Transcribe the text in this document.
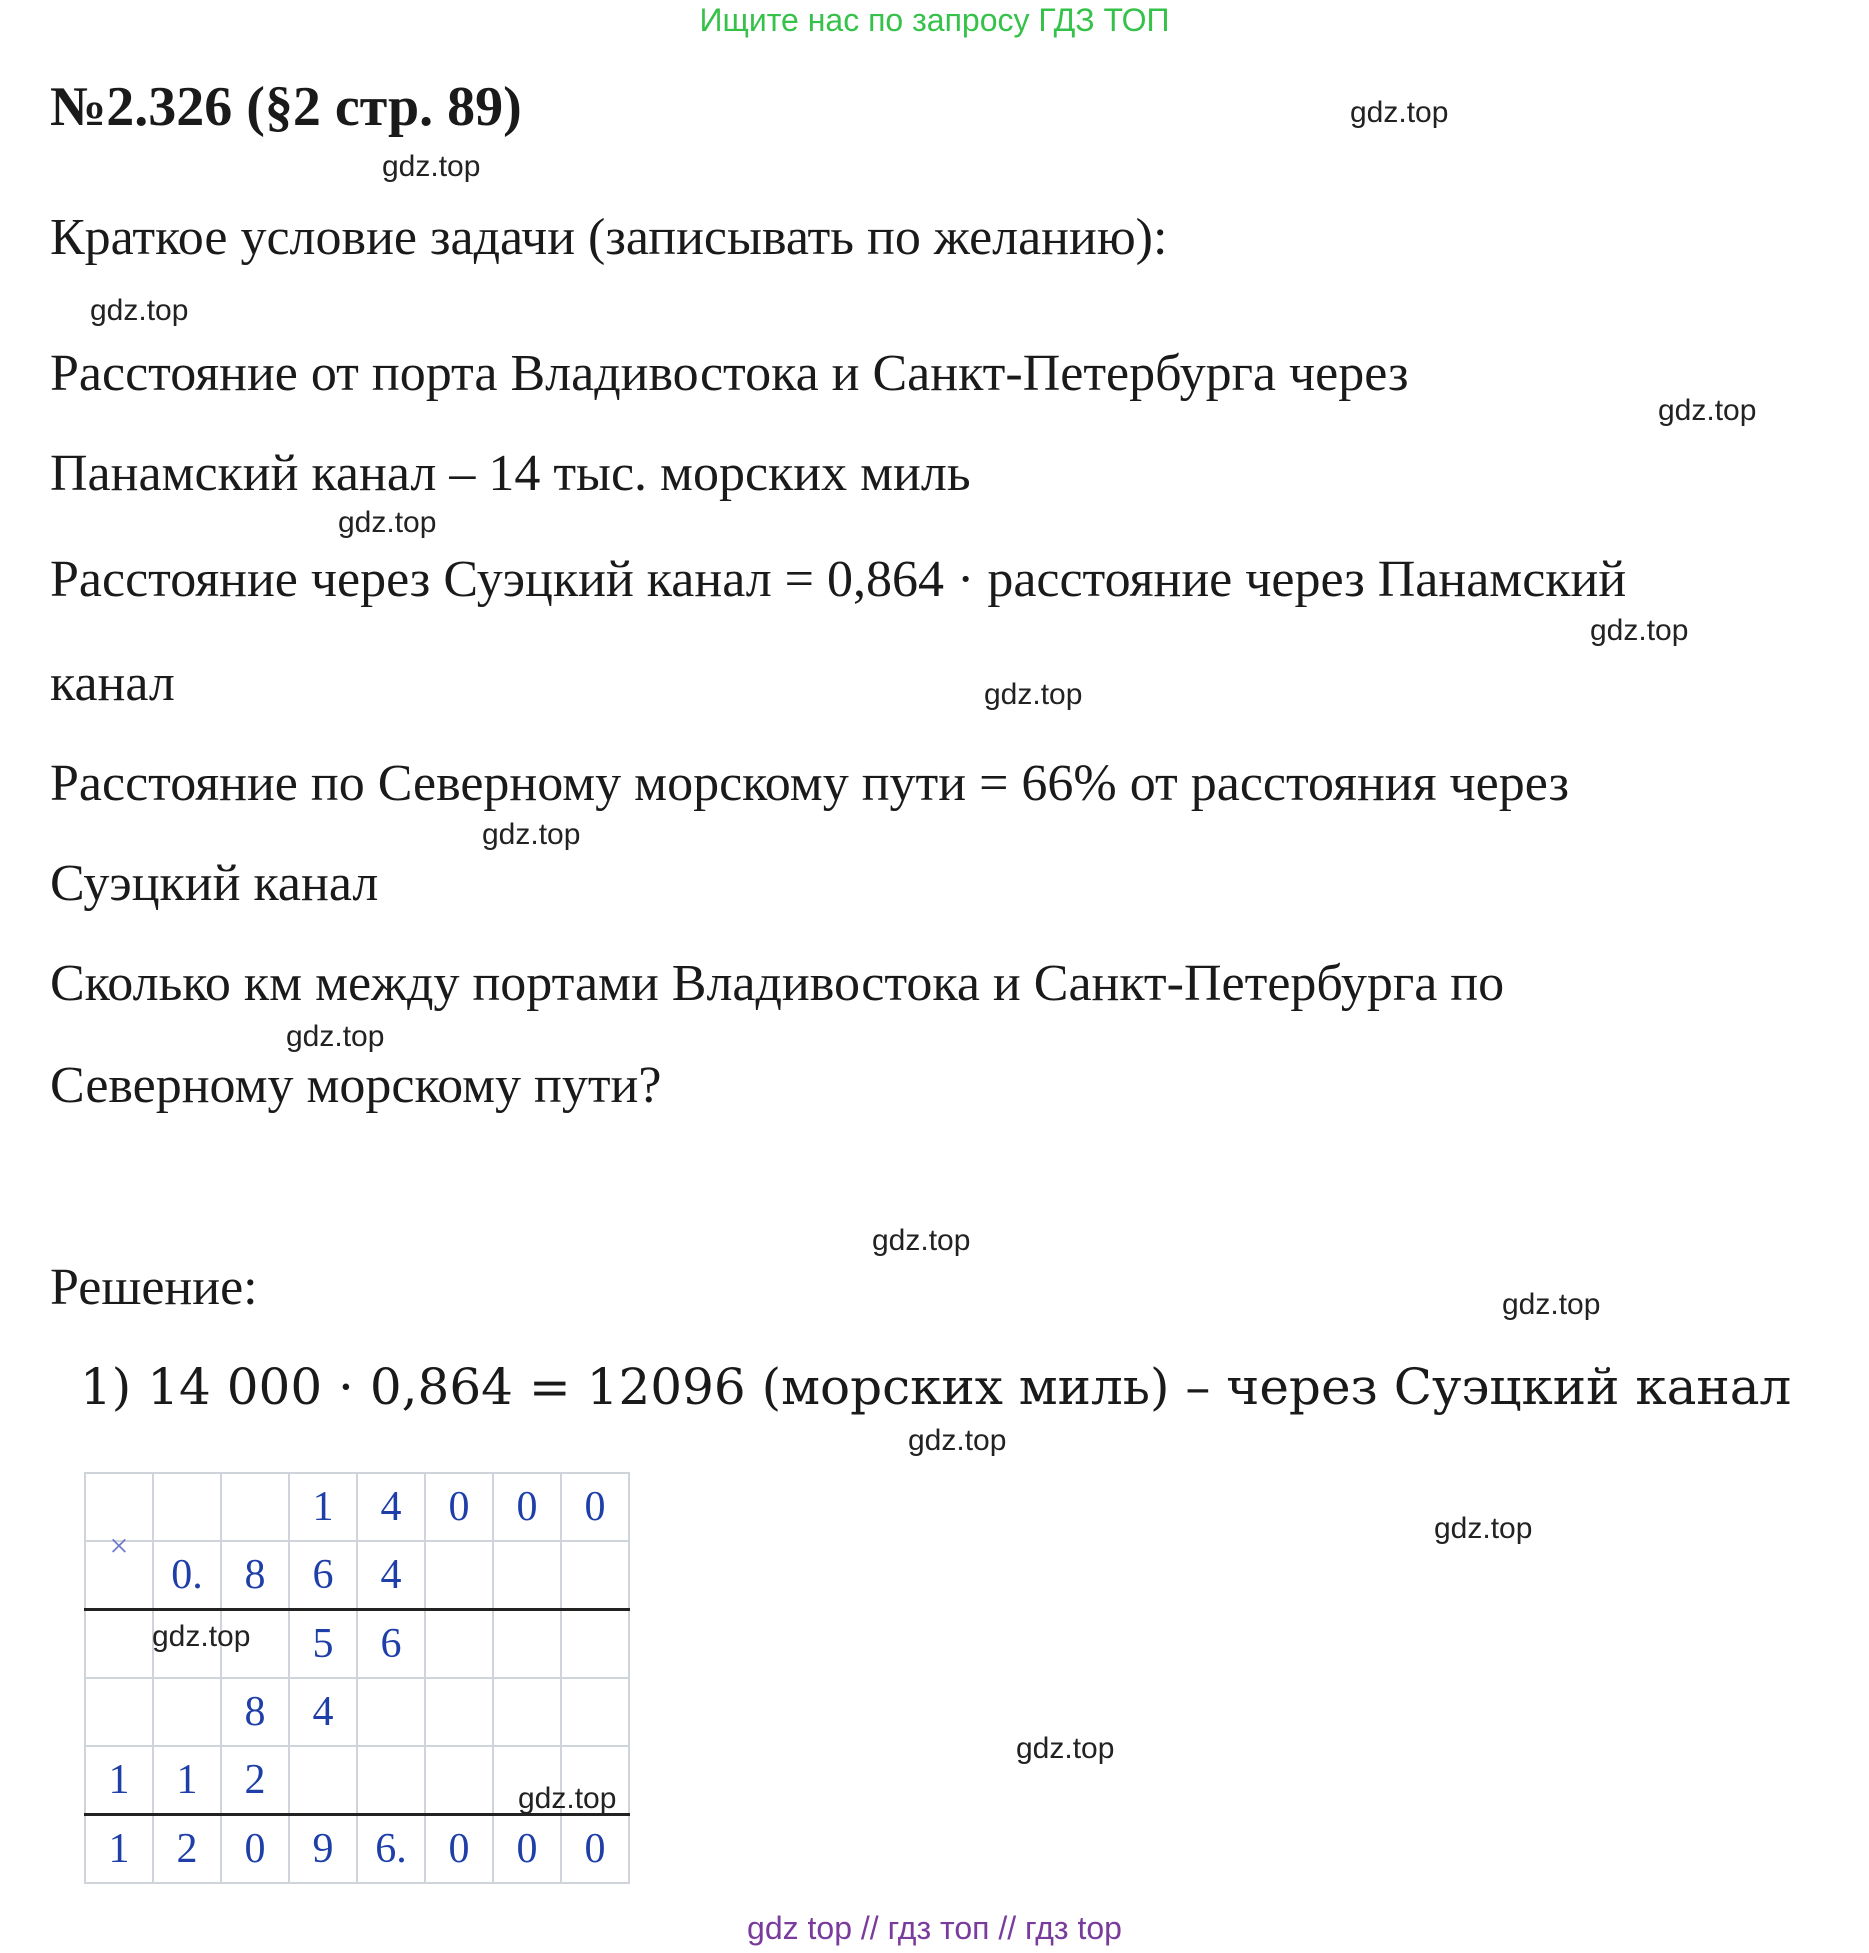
Ищите нас по запросу ГДЗ ТОП
№2.326 (§2 стр. 89)
Краткое условие задачи (записывать по желанию):
Расстояние от порта Владивостока и Санкт-Петербурга через
Панамский канал – 14 тыс. морских миль
Расстояние через Суэцкий канал = 0,864 · расстояние через Панамский
канал
Расстояние по Северному морскому пути = 66% от расстояния через
Суэцкий канал
Сколько км между портами Владивостока и Санкт-Петербурга по
Северному морскому пути?
Решение:
1) 14 000 · 0,864 = 12096 (морских миль) – через Суэцкий канал
			1	4	0	0	0
×	0.	8	6	4			
			5	6			
		8	4				
1	1	2					
1	2	0	9	6.	0	0	0
gdz.top
gdz.top
gdz.top
gdz.top
gdz.top
gdz.top
gdz.top
gdz.top
gdz.top
gdz.top
gdz.top
gdz.top
gdz.top
gdz.top
gdz.top
gdz.top
gdz top // гдз топ // гдз top
